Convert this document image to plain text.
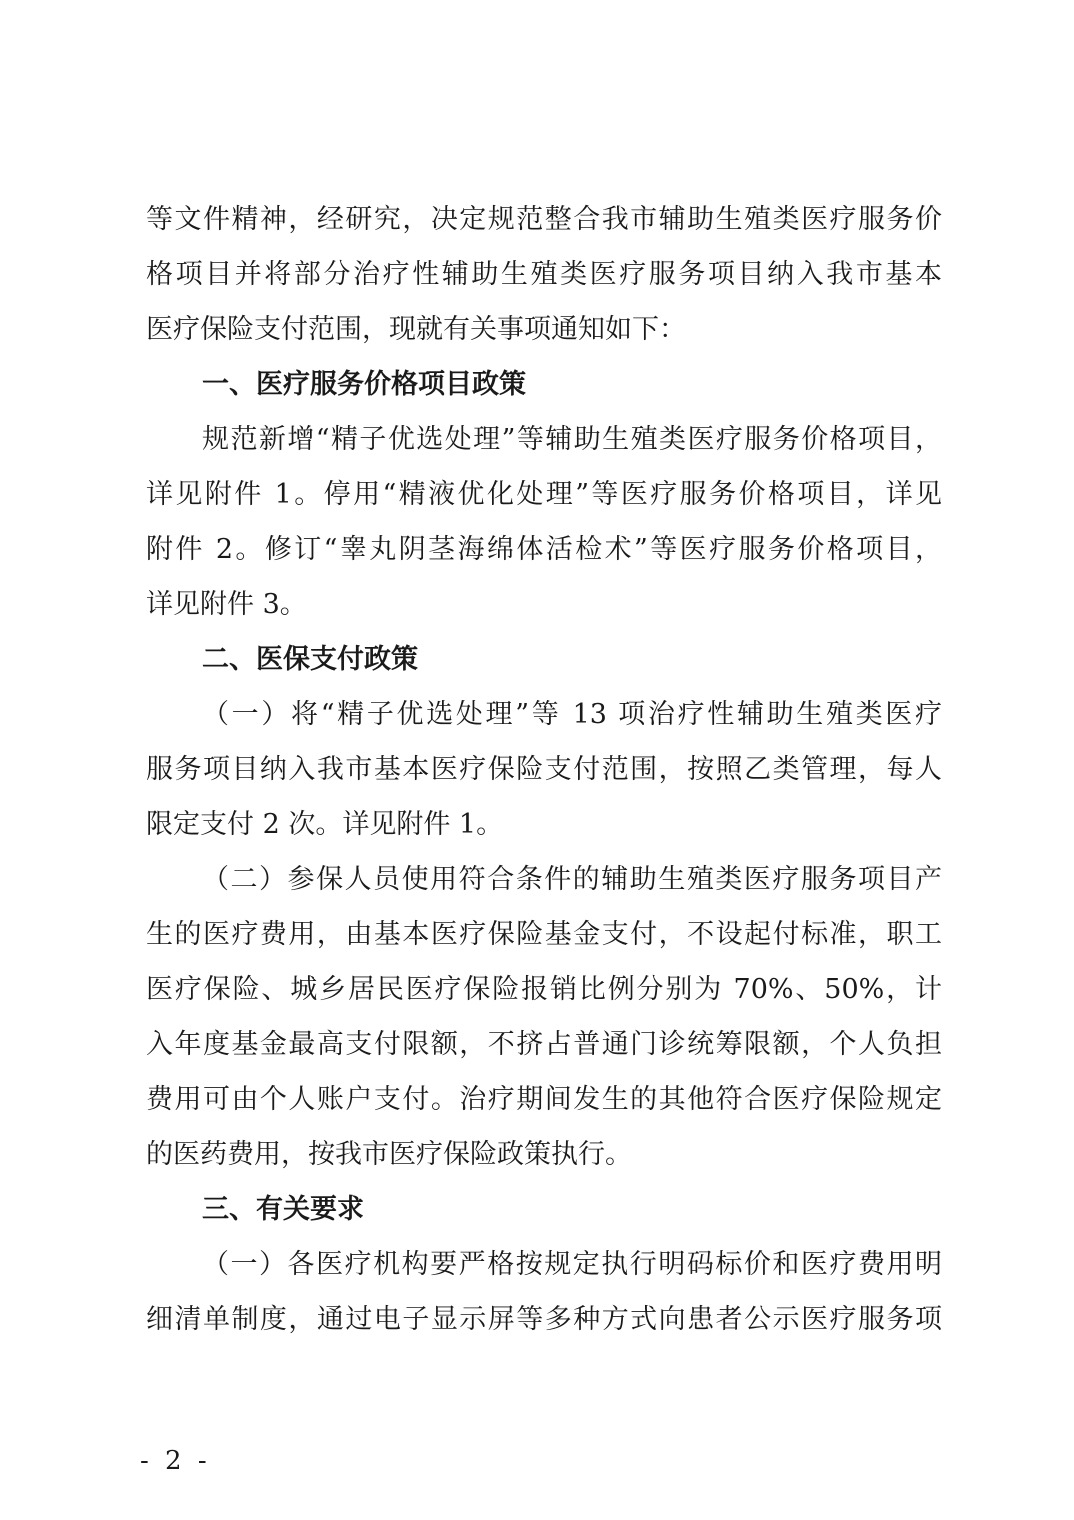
等文件精神，经研究，决定规范整合我市辅助生殖类医疗服务价
格项目并将部分治疗性辅助生殖类医疗服务项目纳入我市基本
医疗保险支付范围，现就有关事项通知如下：
一、医疗服务价格项目政策
规范新增“精子优选处理”等辅助生殖类医疗服务价格项目，
详见附件 1。停用“精液优化处理”等医疗服务价格项目，详见
附件 2。修订“睾丸阴茎海绵体活检术”等医疗服务价格项目，
详见附件 3。
二、医保支付政策
（一）将“精子优选处理”等 13 项治疗性辅助生殖类医疗
服务项目纳入我市基本医疗保险支付范围，按照乙类管理，每人
限定支付 2 次。详见附件 1。
（二）参保人员使用符合条件的辅助生殖类医疗服务项目产
生的医疗费用，由基本医疗保险基金支付，不设起付标准，职工
医疗保险、城乡居民医疗保险报销比例分别为 70%、50%，计
入年度基金最高支付限额，不挤占普通门诊统筹限额，个人负担
费用可由个人账户支付。治疗期间发生的其他符合医疗保险规定
的医药费用，按我市医疗保险政策执行。
三、有关要求
（一）各医疗机构要严格按规定执行明码标价和医疗费用明
细清单制度，通过电子显示屏等多种方式向患者公示医疗服务项
- 2 -
